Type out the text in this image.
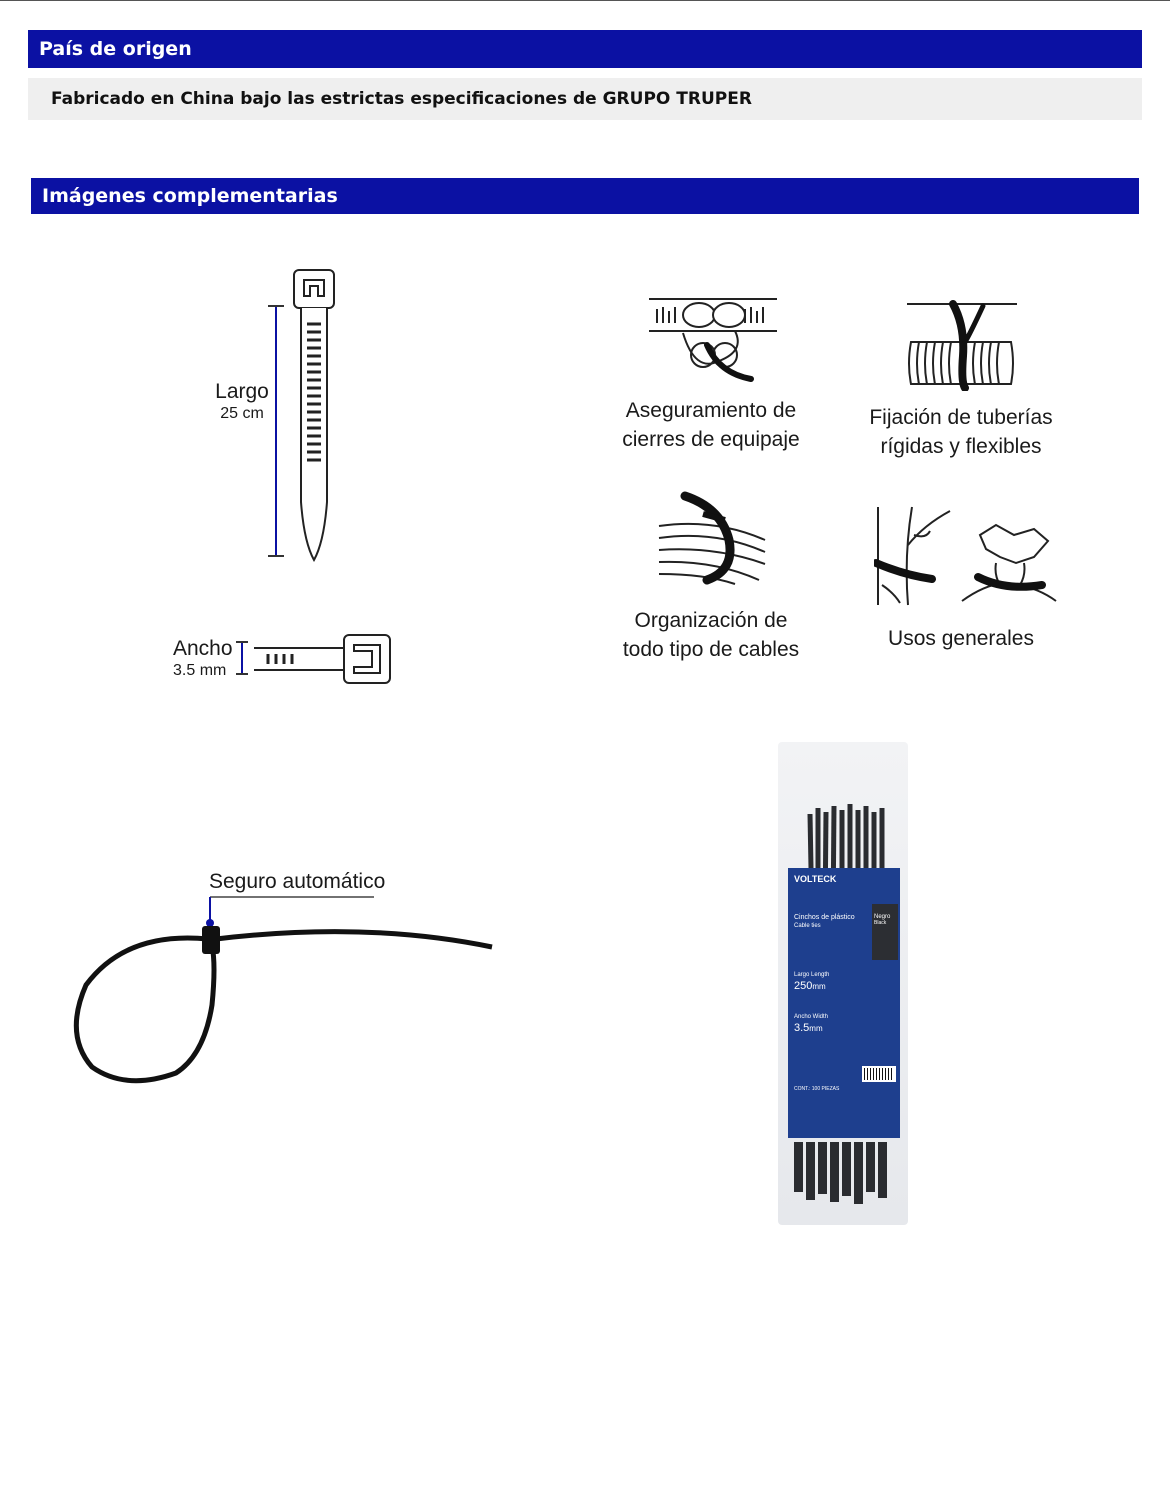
País de origen
Fabricado en China bajo las estrictas especificaciones de GRUPO TRUPER
Imágenes complementarias
Largo
25 cm
Ancho
3.5 mm
Aseguramiento de
cierres de equipaje
Fijación de tuberías
rígidas y flexibles
Organización de
todo tipo de cables	Usos generales
Seguro automático	VOLTECK
Cinchos de plástico
Cable ties
Negro
Black
Largo Length
250mm
Ancho Width
3.5mm
CONT.: 100 PIEZAS
